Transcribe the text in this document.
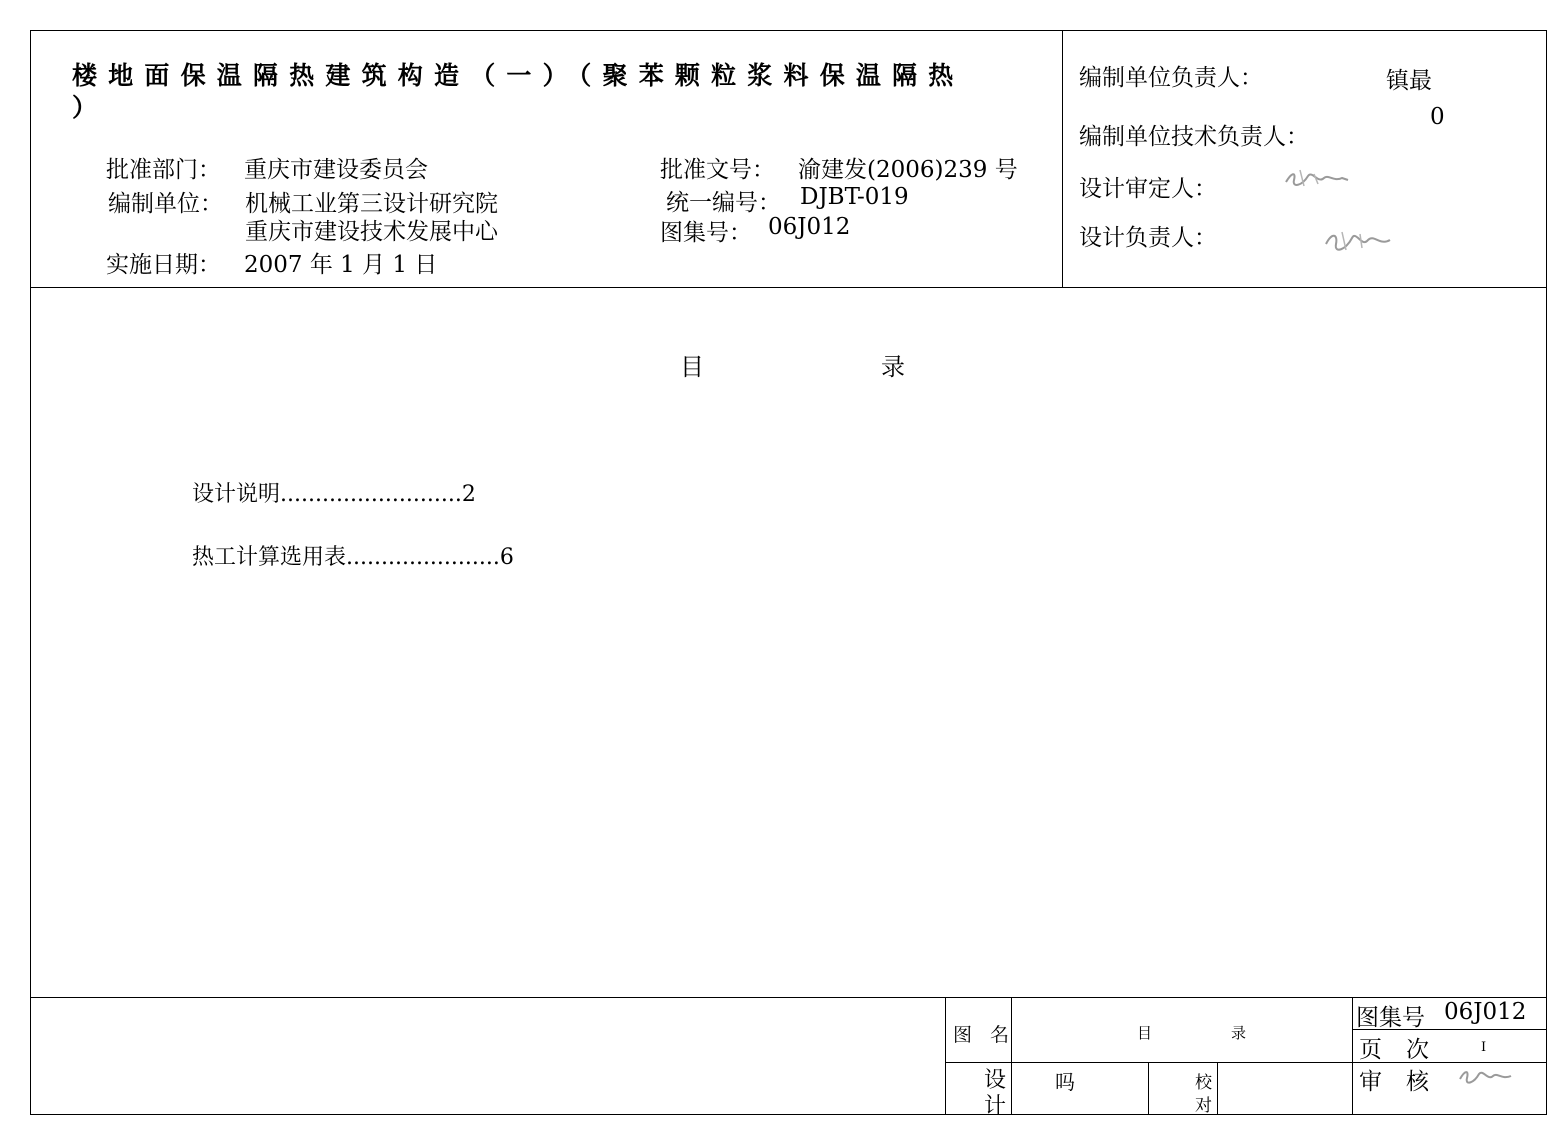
楼地面保温隔热建筑构造（一）（聚苯颗粒浆料保温隔热
）
批准部门： 重庆市建设委员会
编制单位： 机械工业第三设计研究院
重庆市建设技术发展中心
实施日期： 2007 年 1 月 1 日
批准文号： 渝建发(2006)239 号
统一编号： DJBT-019
图集号： 06J012
编制单位负责人：	镇最
编制单位技术负责人：
0
设计审定人：
设计负责人：
目	录
设计说明..........................2
热工计算选用表......................6
图 名	目	录
图集号 06J012
页 次	I
设
计
吗	校
对
审 核
